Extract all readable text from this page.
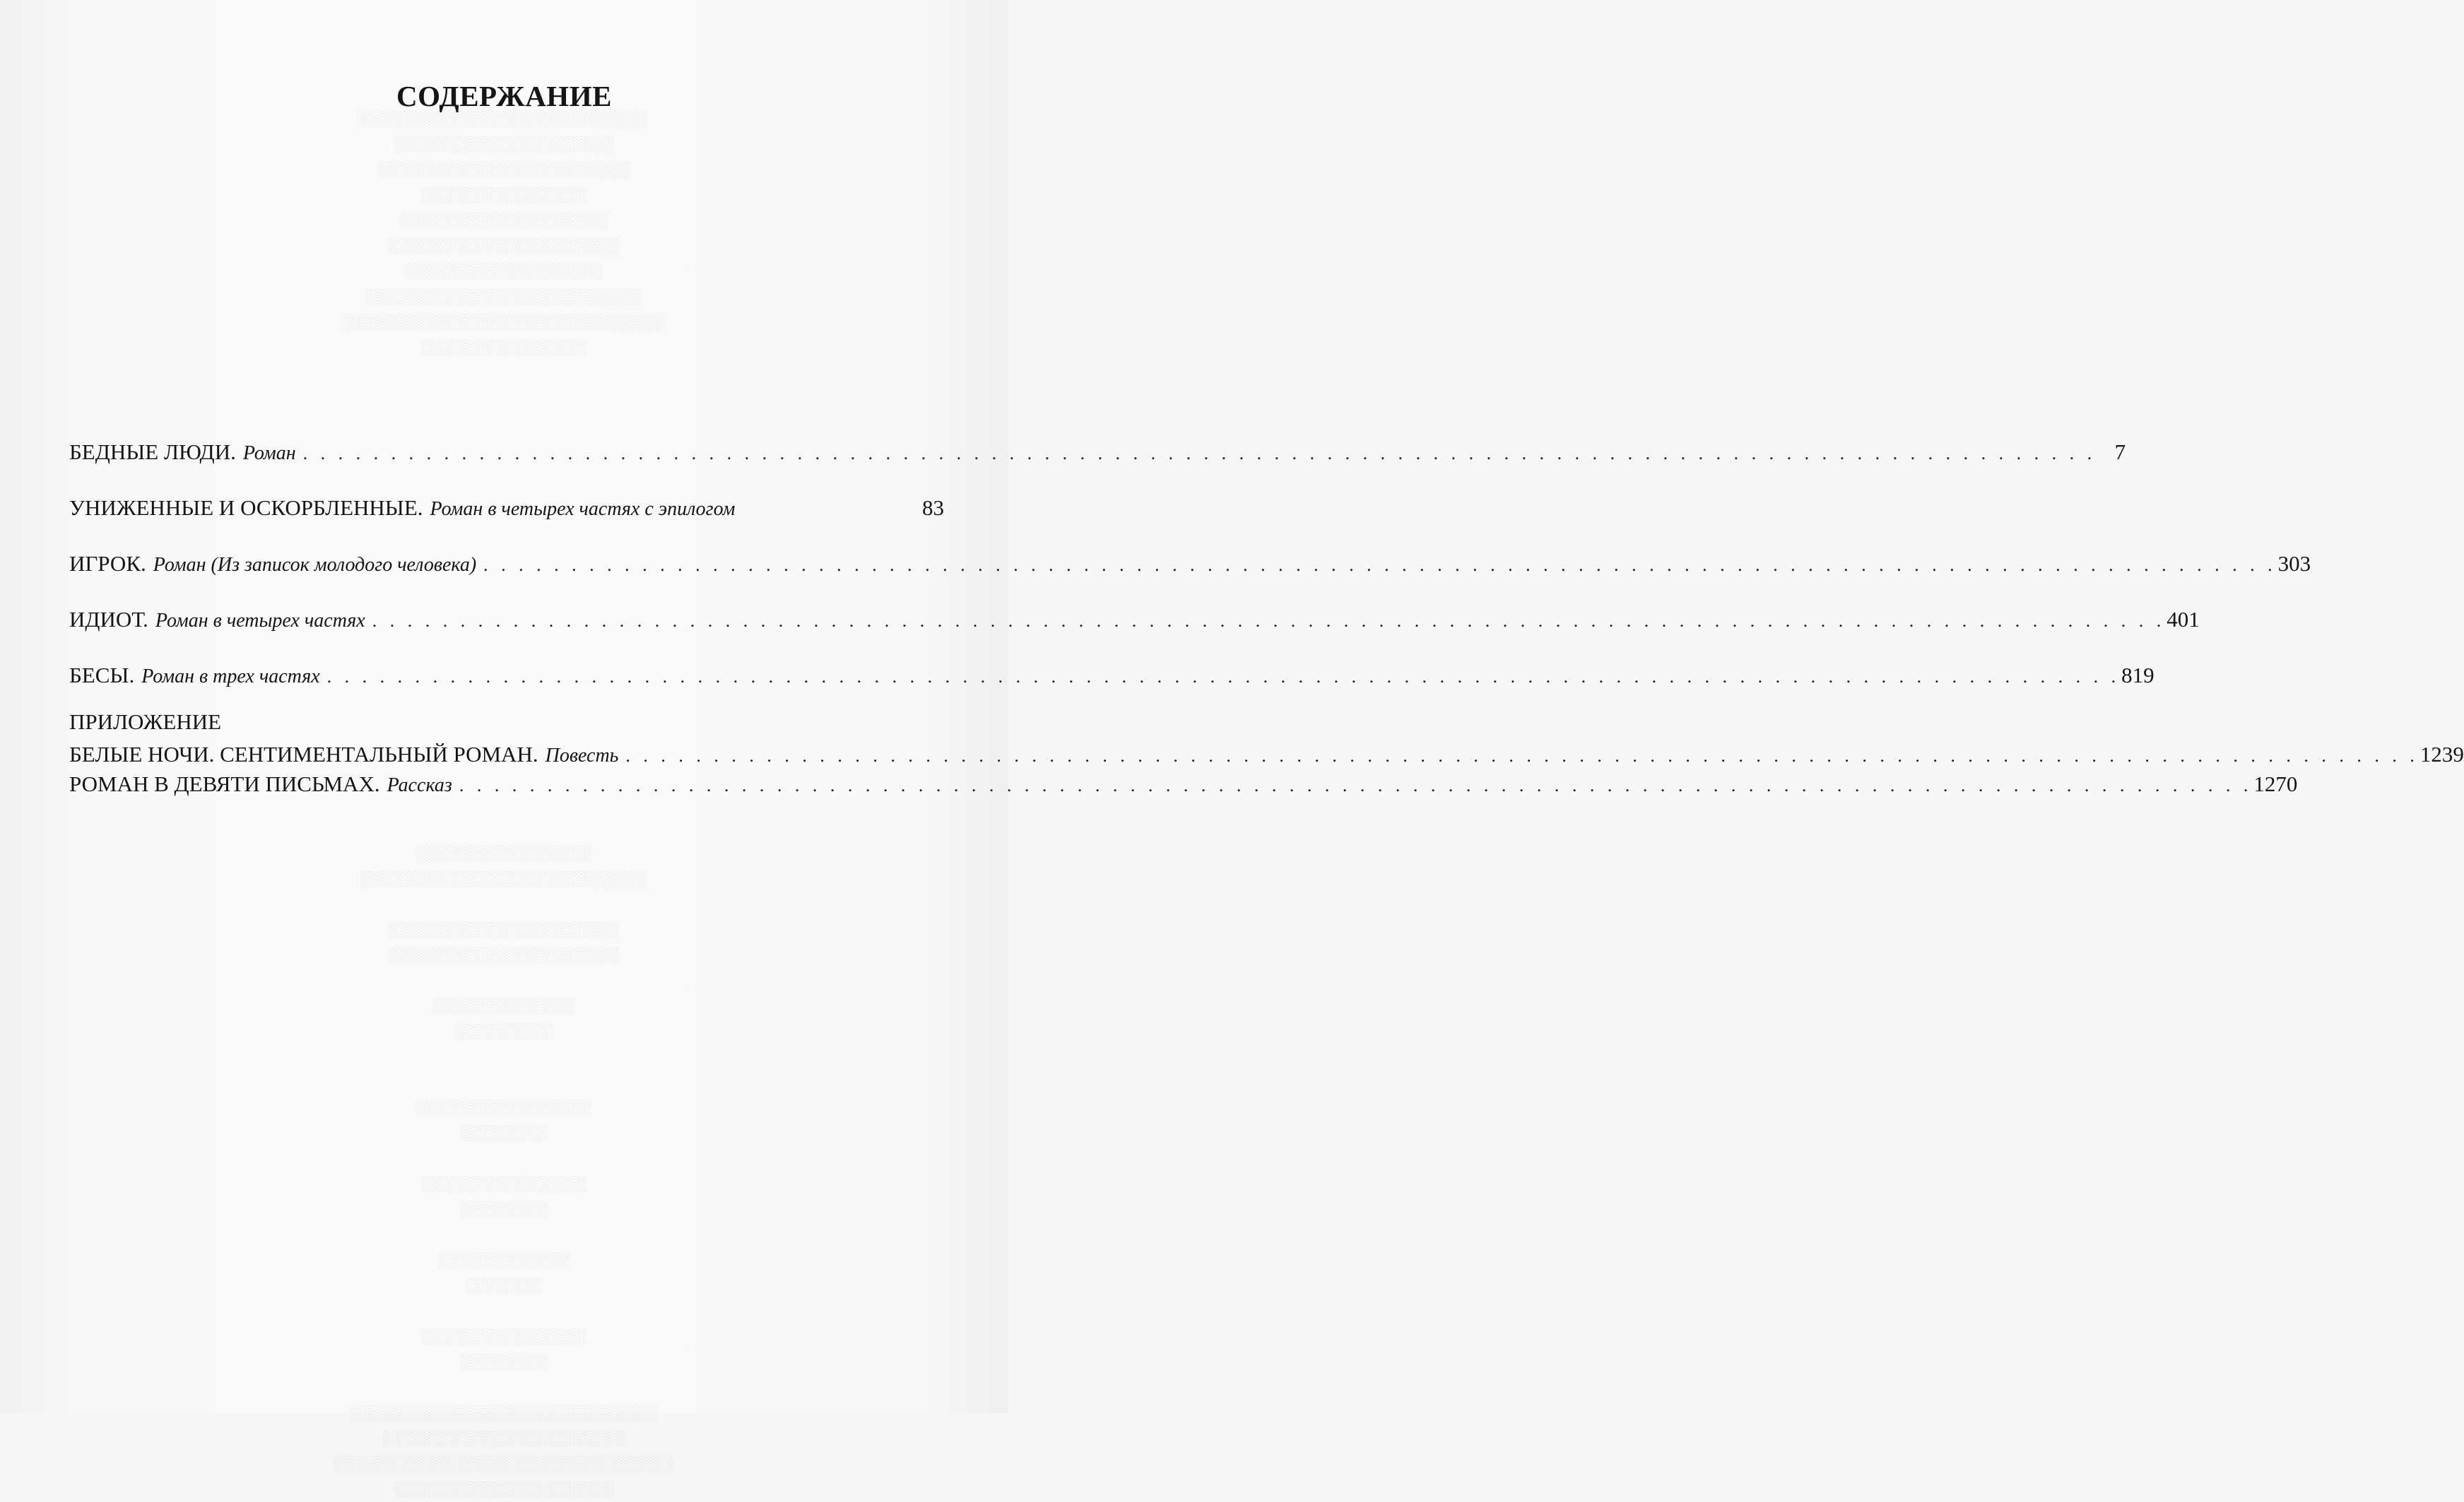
░░░░░░░░░░░░░░░░░░░░░░░░░░
░░░░░░░░░░░░░░░░░░░░
░░░░░░░░░░░░░░░░░░░░░░░
░░░░░░░░░░░░░░░
░░░░░░░░░░░░░░░░░░░
░░░░░░░░░░░░░░░░░░░░░
░░░░░░░░░░░░░░░░░░
░░░░░░░░░░░░░░░░░░░░░░░░░
░░░░░░░░░░░░░░░░░░░░░░░░░░░░░
░░░░░░░░░░░░░░░
░░░░░░░░░░░░░░░░
░░░░░░░░░░░░░░░░░░░░░░░░░░

░░░░░░░░░░░░░░░░░░░░░
░░░░░░░░░░░░░░░░░░░░░

░░░░░░░░░░░░░
░░░░░░░░░

░░░░░░░░░░░░░░░░
░░░░░░░░

░░░░░░░░░░░░░░░
░░░░░░░░

░░░░░░░░░░░░
░░░░░░░

░░░░░░░░░░░░░░░
░░░░░░░░

░░░░░░░░░░░░░░░░░░░░░░░░░░░░
░░░░░░░░░░░░░░░░░░░░░░
░░░░░░░░░░░░░░░░░░░░░░░░░░░░░░░
░░░░░░░░░░░░░░░░░░░░
СОДЕРЖАНИЕ
БЕДНЫЕ ЛЮДИ. Роман . . .	7
УНИЖЕННЫЕ И ОСКОРБЛЕННЫЕ. Роман в четырех частях с эпилогом	83
ИГРОК. Роман (Из записок молодого человека) . . .	303
ИДИОТ. Роман в четырех частях . . .	401
БЕСЫ. Роман в трех частях . . .	819
ПРИЛОЖЕНИЕ
БЕЛЫЕ НОЧИ. СЕНТИМЕНТАЛЬНЫЙ РОМАН. Повесть . . .	1239
РОМАН В ДЕВЯТИ ПИСЬМАХ. Рассказ . . .	1270
